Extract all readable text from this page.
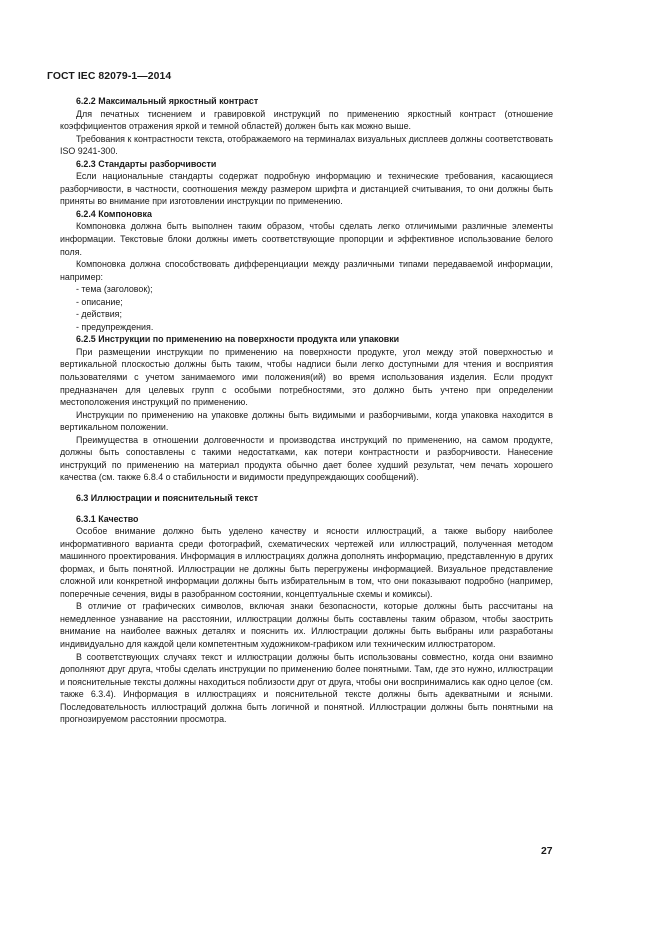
ГОСТ IEC 82079-1—2014
6.2.2 Максимальный яркостный контраст

Для печатных тиснением и гравировкой инструкций по применению яркостный контраст (отношение коэффициентов отражения яркой и темной областей) должен быть как можно выше.

Требования к контрастности текста, отображаемого на терминалах визуальных дисплеев должны соответствовать ISO 9241-300.

6.2.3 Стандарты разборчивости

Если национальные стандарты содержат подробную информацию и технические требования, касающиеся разборчивости, в частности, соотношения между размером шрифта и дистанцией считывания, то они должны быть приняты во внимание при изготовлении инструкции по применению.

6.2.4 Компоновка

Компоновка должна быть выполнен таким образом, чтобы сделать легко отличимыми различные элементы информации. Текстовые блоки должны иметь соответствующие пропорции и эффективное использование белого поля.

Компоновка должна способствовать дифференциации между различными типами передаваемой информации, например:

- тема (заголовок);
- описание;
- действия;
- предупреждения.
6.2.5 Инструкции по применению на поверхности продукта или упаковки

При размещении инструкции по применению на поверхности продукте, угол между этой поверхностью и вертикальной плоскостью должны быть таким, чтобы надписи были легко доступными для чтения и восприятия пользователями с учетом занимаемого ими положения(ий) во время использования изделия. Если продукт предназначен для целевых групп с особыми потребностями, это должно быть учтено при определении местоположения инструкций по применению.

Инструкции по применению на упаковке должны быть видимыми и разборчивыми, когда упаковка находится в вертикальном положении.

Преимущества в отношении долговечности и производства инструкций по применению, на самом продукте, должны быть сопоставлены с такими недостатками, как потери контрастности и разборчивости. Нанесение инструкций по применению на материал продукта обычно дает более худший результат, чем печать хорошего качества (см. также 6.8.4 о стабильности и видимости предупреждающих сообщений).

6.3 Иллюстрации и пояснительный текст
6.3.1 Качество

Особое внимание должно быть уделено качеству и ясности иллюстраций, а также выбору наиболее информативного варианта среди фотографий, схематических чертежей или иллюстраций, полученная методом машинного проектирования. Информация в иллюстрациях должна дополнять информацию, представленную в других формах, и быть понятной. Иллюстрации не должны быть перегружены информацией. Визуальное представление сложной или конкретной информации должны быть избирательным в том, что они показывают подробно (например, поперечные сечения, виды в разобранном состоянии, концептуальные схемы и комиксы).

В отличие от графических символов, включая знаки безопасности, которые должны быть рассчитаны на немедленное узнавание на расстоянии, иллюстрации должны быть составлены таким образом, чтобы заострить внимание на наиболее важных деталях и пояснить их. Иллюстрации должны быть выбраны или разработаны индивидуально для каждой цели компетентным художником-графиком или техническим иллюстратором.

В соответствующих случаях текст и иллюстрации должны быть использованы совместно, когда они взаимно дополняют друг друга, чтобы сделать инструкции по применению более понятными. Там, где это нужно, иллюстрации и пояснительные тексты должны находиться поблизости друг от друга, чтобы они воспринимались как одно целое (см. также 6.3.4). Информация в иллюстрациях и пояснительной тексте должны быть адекватными и ясными. Последовательность иллюстраций должна быть логичной и понятной. Иллюстрации должны быть понятными на прогнозируемом расстоянии просмотра.

27
